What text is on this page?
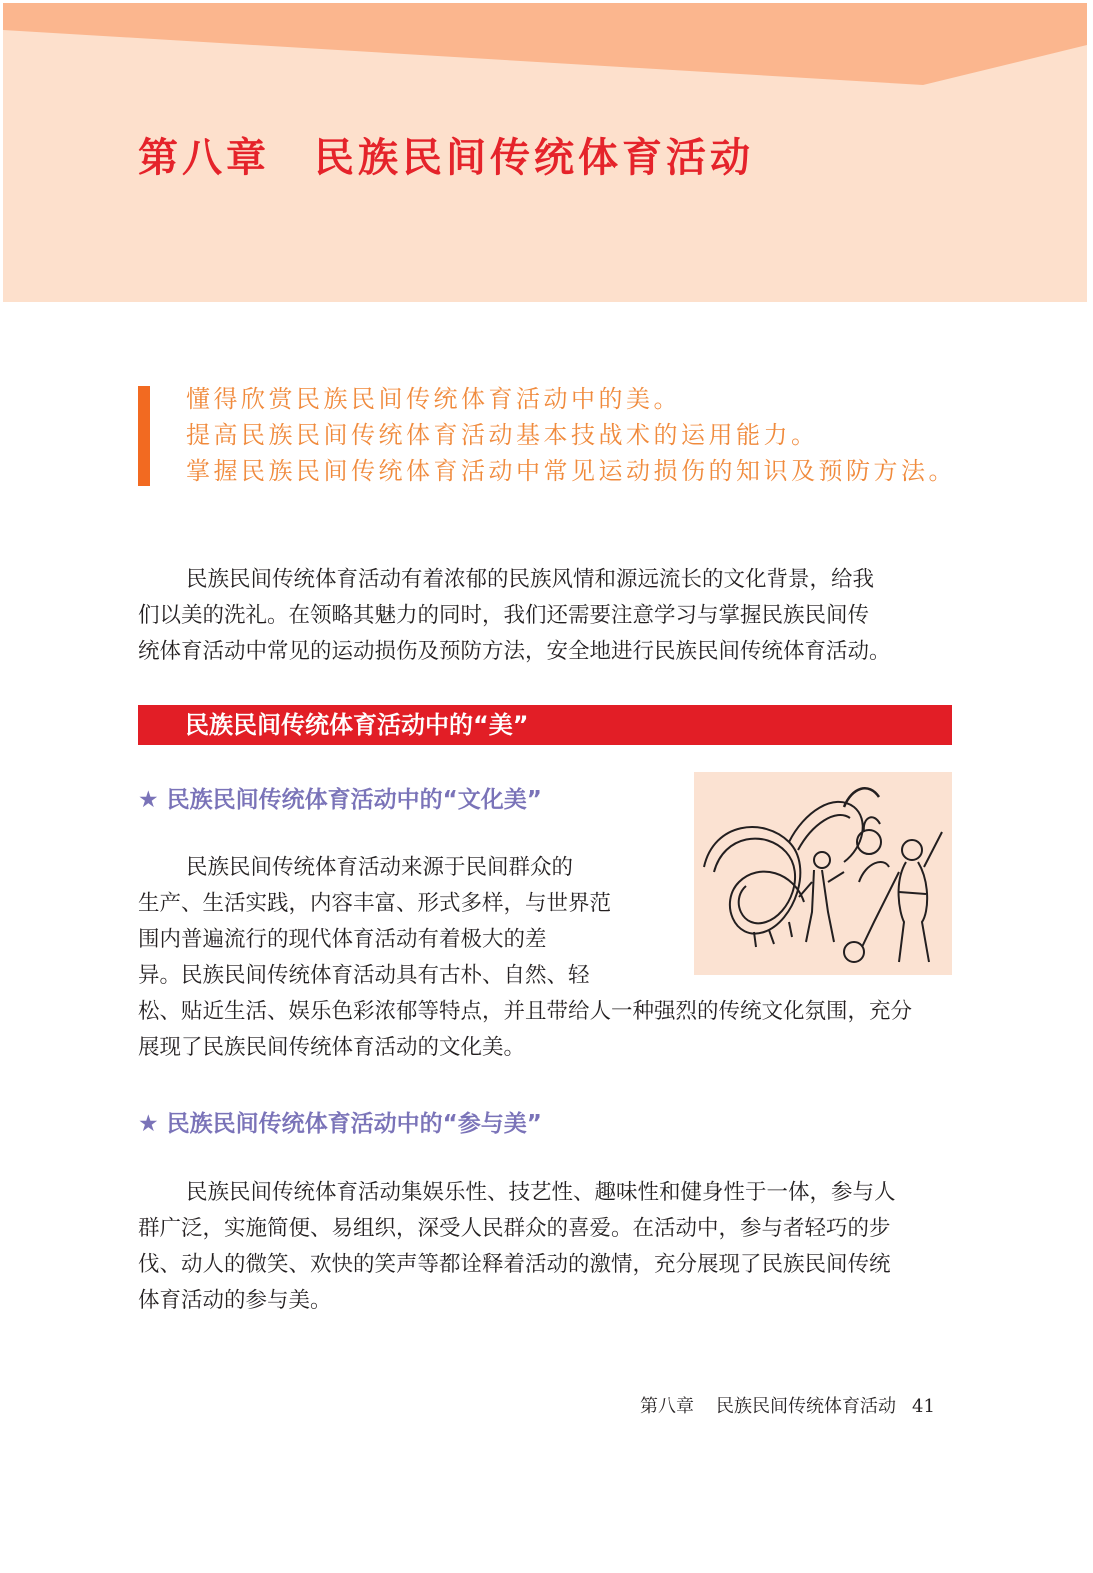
第八章 民族民间传统体育活动
懂得欣赏民族民间传统体育活动中的美。
提高民族民间传统体育活动基本技战术的运用能力。
掌握民族民间传统体育活动中常见运动损伤的知识及预防方法。
民族民间传统体育活动有着浓郁的民族风情和源远流长的文化背景，给我
们以美的洗礼。在领略其魅力的同时，我们还需要注意学习与掌握民族民间传
统体育活动中常见的运动损伤及预防方法，安全地进行民族民间传统体育活动。
民族民间传统体育活动中的“美”
★ 民族民间传统体育活动中的“文化美”
民族民间传统体育活动来源于民间群众的
生产、生活实践，内容丰富、形式多样，与世界范
围内普遍流行的现代体育活动有着极大的差
异。民族民间传统体育活动具有古朴、自然、轻
松、贴近生活、娱乐色彩浓郁等特点，并且带给人一种强烈的传统文化氛围，充分
展现了民族民间传统体育活动的文化美。
★ 民族民间传统体育活动中的“参与美”
民族民间传统体育活动集娱乐性、技艺性、趣味性和健身性于一体，参与人
群广泛，实施简便、易组织，深受人民群众的喜爱。在活动中，参与者轻巧的步
伐、动人的微笑、欢快的笑声等都诠释着活动的激情，充分展现了民族民间传统
体育活动的参与美。
第八章 民族民间传统体育活动 41
